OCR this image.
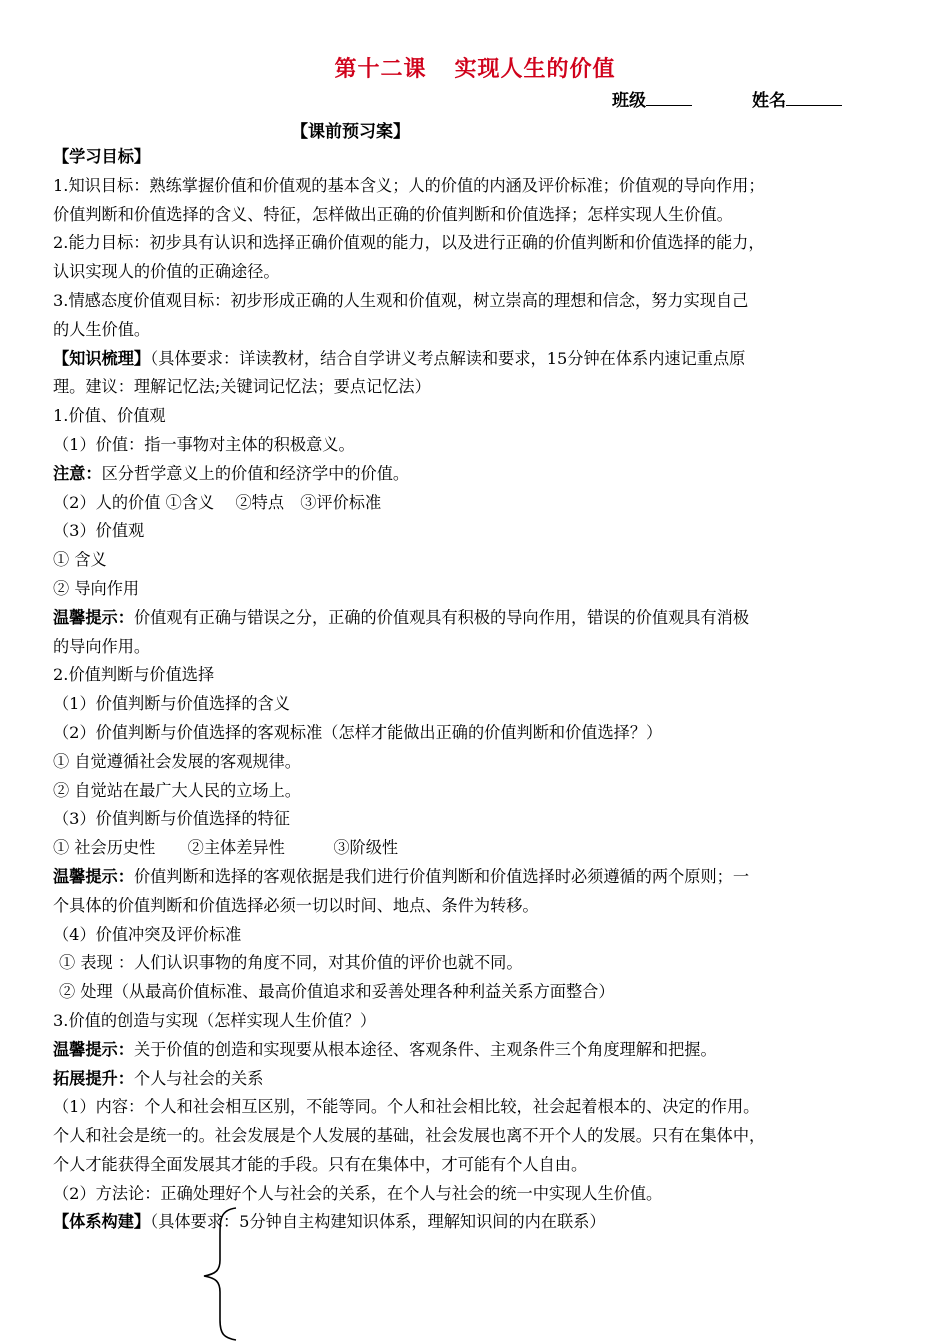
第十二课 实现人生的价值
班级	姓名
【课前预习案】
【学习目标】
1.知识目标：熟练掌握价值和价值观的基本含义；人的价值的内涵及评价标准；价值观的导向作用；
价值判断和价值选择的含义、特征，怎样做出正确的价值判断和价值选择；怎样实现人生价值。
2.能力目标：初步具有认识和选择正确价值观的能力，以及进行正确的价值判断和价值选择的能力，
认识实现人的价值的正确途径。
3.情感态度价值观目标：初步形成正确的人生观和价值观，树立崇高的理想和信念，努力实现自己
的人生价值。
【知识梳理】（具体要求：详读教材，结合自学讲义考点解读和要求，15分钟在体系内速记重点原
理。建议：理解记忆法;关键词记忆法；要点记忆法）
1.价值、价值观
（1）价值：指一事物对主体的积极意义。
注意：区分哲学意义上的价值和经济学中的价值。
（2）人的价值 ①含义　 ②特点　③评价标准
（3）价值观
① 含义
② 导向作用
温馨提示：价值观有正确与错误之分，正确的价值观具有积极的导向作用，错误的价值观具有消极
的导向作用。
2.价值判断与价值选择
（1）价值判断与价值选择的含义
（2）价值判断与价值选择的客观标准（怎样才能做出正确的价值判断和价值选择？）
① 自觉遵循社会发展的客观规律。
② 自觉站在最广大人民的立场上。
（3）价值判断与价值选择的特征
① 社会历史性　　②主体差异性　　　③阶级性
温馨提示：价值判断和选择的客观依据是我们进行价值判断和价值选择时必须遵循的两个原则；一
个具体的价值判断和价值选择必须一切以时间、地点、条件为转移。
（4）价值冲突及评价标准
① 表现 ：人们认识事物的角度不同，对其价值的评价也就不同。
② 处理（从最高价值标准、最高价值追求和妥善处理各种利益关系方面整合）
3.价值的创造与实现（怎样实现人生价值？）
温馨提示：关于价值的创造和实现要从根本途径、客观条件、主观条件三个角度理解和把握。
拓展提升：个人与社会的关系
（1）内容：个人和社会相互区别，不能等同。个人和社会相比较，社会起着根本的、决定的作用。
个人和社会是统一的。社会发展是个人发展的基础，社会发展也离不开个人的发展。只有在集体中，
个人才能获得全面发展其才能的手段。只有在集体中，才可能有个人自由。
（2）方法论：正确处理好个人与社会的关系，在个人与社会的统一中实现人生价值。
【体系构建】（具体要求：5分钟自主构建知识体系，理解知识间的内在联系）
